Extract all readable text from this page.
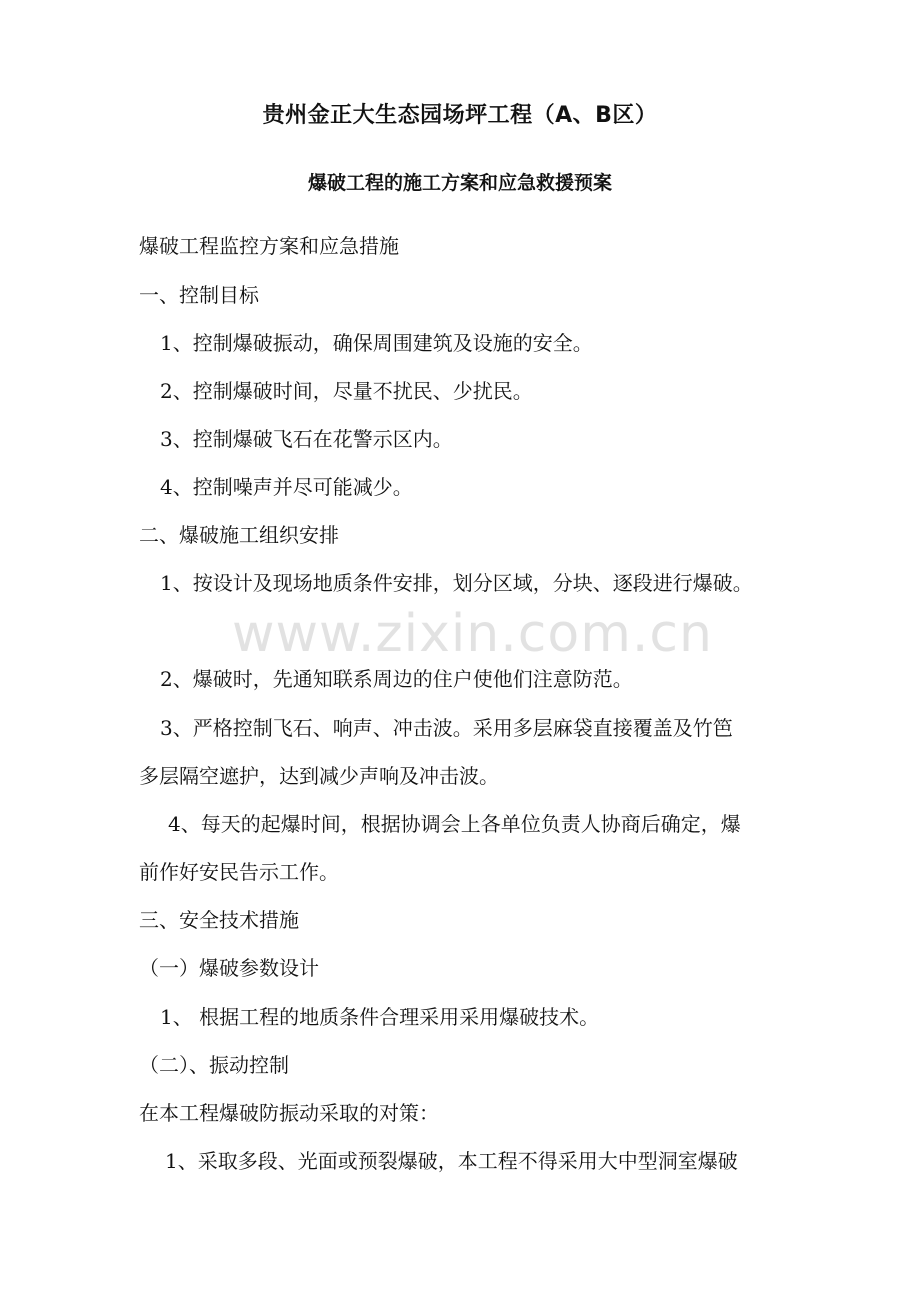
贵州金正大生态园场坪工程（A、B区）
爆破工程的施工方案和应急救援预案
爆破工程监控方案和应急措施
一、控制目标
1、控制爆破振动，确保周围建筑及设施的安全。
2、控制爆破时间，尽量不扰民、少扰民。
3、控制爆破飞石在花警示区内。
4、控制噪声并尽可能减少。
二、爆破施工组织安排
1、按设计及现场地质条件安排，划分区域，分块、逐段进行爆破。
www.zixin.com.cn
2、爆破时，先通知联系周边的住户使他们注意防范。
3、严格控制飞石、响声、冲击波。采用多层麻袋直接覆盖及竹笆
多层隔空遮护，达到减少声响及冲击波。
4、每天的起爆时间，根据协调会上各单位负责人协商后确定，爆
前作好安民告示工作。
三、安全技术措施
（一）爆破参数设计
1、 根据工程的地质条件合理采用采用爆破技术。
（二）、振动控制
在本工程爆破防振动采取的对策：
1、采取多段、光面或预裂爆破，本工程不得采用大中型洞室爆破
